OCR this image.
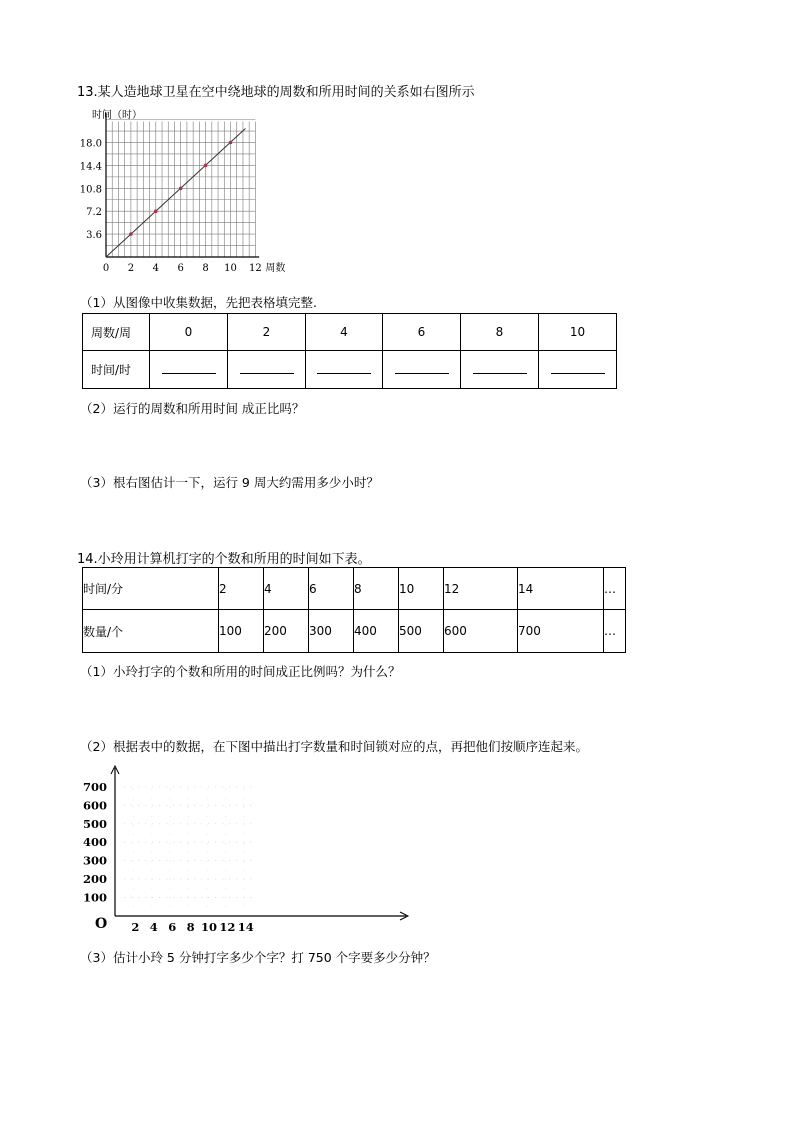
13.某人造地球卫星在空中绕地球的周数和所用时间的关系如右图所示
时间（时）
周数
0 2 4 6 8 10 12
3.6
7.2
10.8
14.4
18.0
（1）从图像中收集数据，先把表格填完整.
周数/周	0	2	4	6	8	10
时间/时						
（2）运行的周数和所用时间 成正比吗？
（3）根右图估计一下，运行 9 周大约需用多少小时？
14.小玲用计算机打字的个数和所用的时间如下表。
时间/分	2	4	6	8	10	12	14	…
数量/个	100	200	300	400	500	600	700	…
（1）小玲打字的个数和所用的时间成正比例吗？为什么？
（2）根据表中的数据，在下图中描出打字数量和时间锁对应的点，再把他们按顺序连起来。
O 2 4 6 8 10 12 14
100
200
300
400
500
600
700
（3）估计小玲 5 分钟打字多少个字？打 750 个字要多少分钟？
